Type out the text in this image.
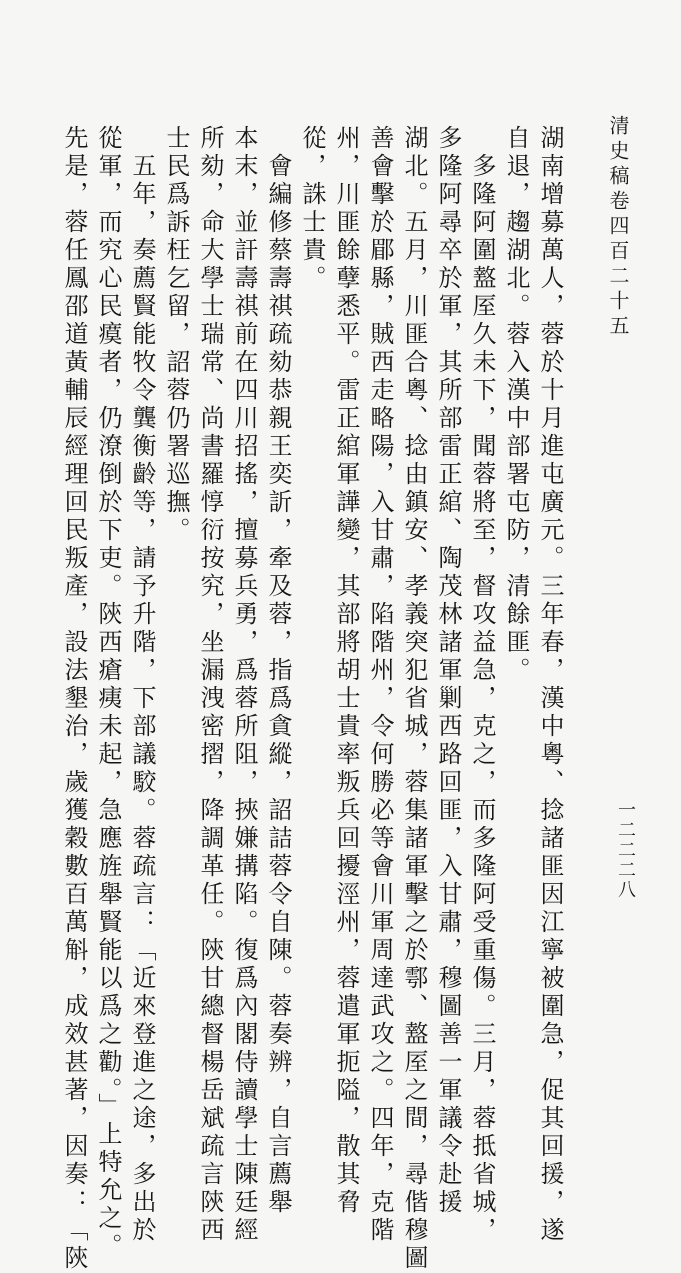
清史稿卷四百二十五
湖南增募萬人，蓉於十月進屯廣元。三年春，漢中粵、捻諸匪因江寧被圍急，促其回援，遂
自退，趨湖北。蓉入漢中部署屯防，清餘匪。
　多隆阿圍盩厔久未下，聞蓉將至，督攻益急，克之，而多隆阿受重傷。三月，蓉抵省城，
多隆阿尋卒於軍，其所部雷正綰、陶茂林諸軍剿西路回匪，入甘肅，穆圖善一軍議令赴援
湖北。五月，川匪合粵、捻由鎮安、孝義突犯省城，蓉集諸軍擊之於鄠、盩厔之間，尋偕穆圖
善會擊於郿縣，賊西走略陽，入甘肅，陷階州，令何勝必等會川軍周達武攻之。四年，克階
州，川匪餘孽悉平。雷正綰軍譁變，其部將胡士貴率叛兵回擾涇州，蓉遣軍扼隘，散其脅
從，誅士貴。
　會編修蔡壽祺疏劾恭親王奕訢，牽及蓉，指爲貪縱，詔詰蓉令自陳。蓉奏辨，自言薦舉
本末，並訐壽祺前在四川招搖，擅募兵勇，爲蓉所阻，挾嫌搆陷。復爲內閣侍讀學士陳廷經
所劾，命大學士瑞常、尚書羅惇衍按究，坐漏洩密摺，降調革任。陝甘總督楊岳斌疏言陝西
士民爲訴枉乞留，詔蓉仍署巡撫。
　五年，奏薦賢能牧令龔衡齡等，請予升階，下部議駮。蓉疏言：「近來登進之途，多出於
從軍，而究心民瘼者，仍潦倒於下吏。陝西瘡痍未起，急應旌舉賢能以爲之勸。」上特允之。
先是，蓉任鳳邵道黃輔辰經理回民叛產，設法墾治，歲獲穀數百萬斛，成效甚著，因奏：「陝	一二二二八
